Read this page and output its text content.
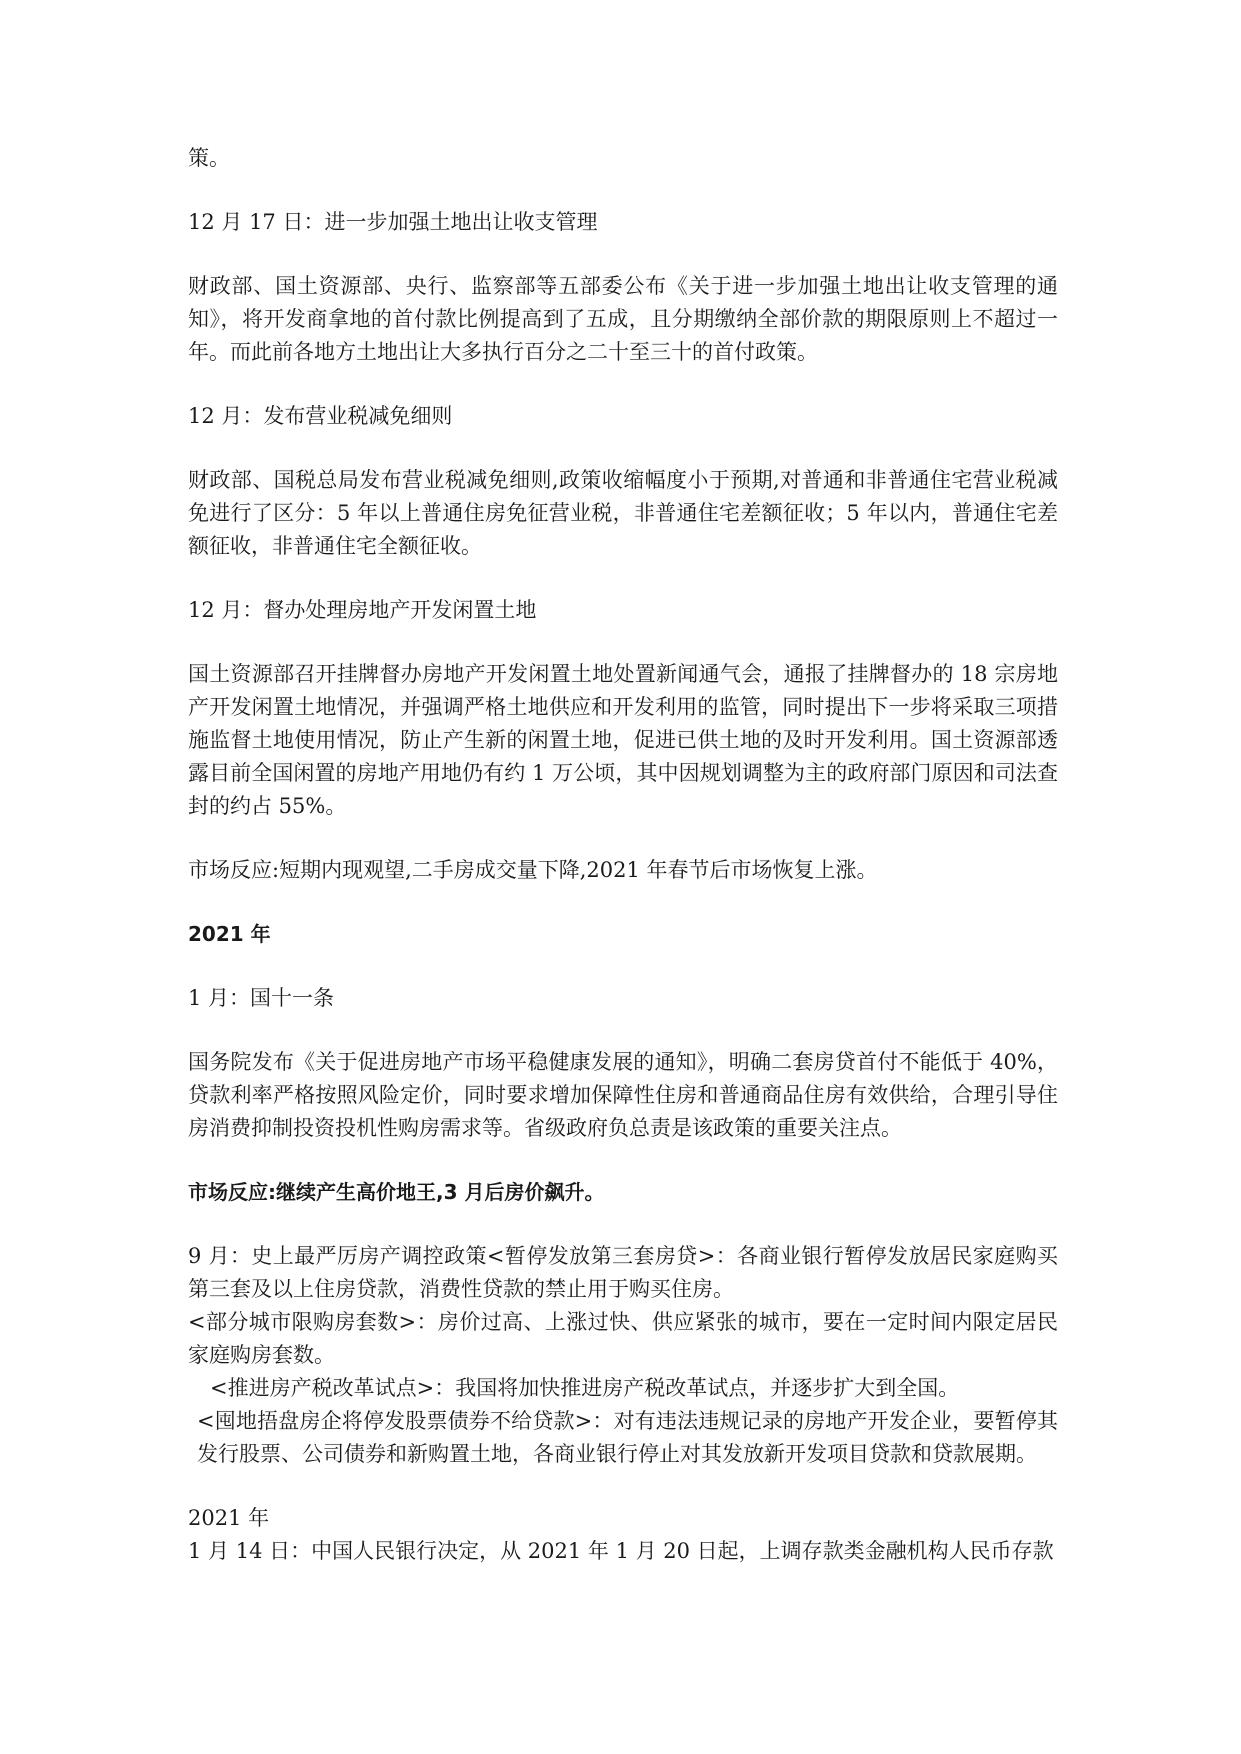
策。

12 月 17 日：进一步加强土地出让收支管理

财政部、国土资源部、央行、监察部等五部委公布《关于进一步加强土地出让收支管理的通知》，将开发商拿地的首付款比例提高到了五成，且分期缴纳全部价款的期限原则上不超过一年。而此前各地方土地出让大多执行百分之二十至三十的首付政策。

12 月：发布营业税减免细则

财政部、国税总局发布营业税减免细则,政策收缩幅度小于预期,对普通和非普通住宅营业税减免进行了区分：5 年以上普通住房免征营业税，非普通住宅差额征收；5 年以内，普通住宅差额征收，非普通住宅全额征收。

12 月：督办处理房地产开发闲置土地

国土资源部召开挂牌督办房地产开发闲置土地处置新闻通气会，通报了挂牌督办的 18 宗房地产开发闲置土地情况，并强调严格土地供应和开发利用的监管，同时提出下一步将采取三项措施监督土地使用情况，防止产生新的闲置土地，促进已供土地的及时开发利用。国土资源部透露目前全国闲置的房地产用地仍有约 1 万公顷，其中因规划调整为主的政府部门原因和司法查封的约占 55%。

市场反应:短期内现观望,二手房成交量下降,2021 年春节后市场恢复上涨。

2021 年

1 月：国十一条

国务院发布《关于促进房地产市场平稳健康发展的通知》，明确二套房贷首付不能低于 40%，贷款利率严格按照风险定价，同时要求增加保障性住房和普通商品住房有效供给，合理引导住房消费抑制投资投机性购房需求等。省级政府负总责是该政策的重要关注点。

市场反应:继续产生高价地王,3 月后房价飙升。

9 月：史上最严厉房产调控政策<暂停发放第三套房贷>：各商业银行暂停发放居民家庭购买第三套及以上住房贷款，消费性贷款的禁止用于购买住房。

<部分城市限购房套数>：房价过高、上涨过快、供应紧张的城市，要在一定时间内限定居民家庭购房套数。

<推进房产税改革试点>：我国将加快推进房产税改革试点，并逐步扩大到全国。

<囤地捂盘房企将停发股票债券不给贷款>：对有违法违规记录的房地产开发企业，要暂停其发行股票、公司债券和新购置土地，各商业银行停止对其发放新开发项目贷款和贷款展期。

2021 年

1 月 14 日：中国人民银行决定，从 2021 年 1 月 20 日起，上调存款类金融机构人民币存款
